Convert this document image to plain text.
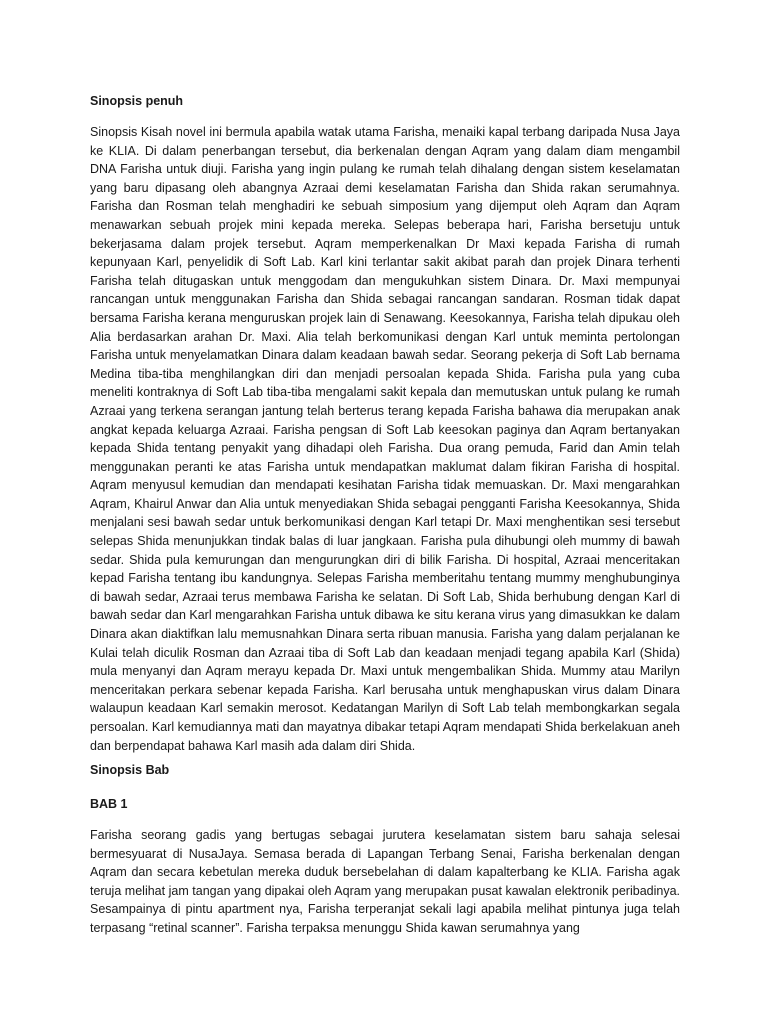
Sinopsis penuh

Sinopsis Kisah novel ini bermula apabila watak utama Farisha, menaiki kapal terbang daripada Nusa Jaya ke KLIA. Di dalam penerbangan tersebut, dia berkenalan dengan Aqram yang dalam diam mengambil DNA Farisha untuk diuji. Farisha yang ingin pulang ke rumah telah dihalang dengan sistem keselamatan yang baru dipasang oleh abangnya Azraai demi keselamatan Farisha dan Shida rakan serumahnya. Farisha dan Rosman telah menghadiri ke sebuah simposium yang dijemput oleh Aqram dan Aqram menawarkan sebuah projek mini kepada mereka. Selepas beberapa hari, Farisha bersetuju untuk bekerjasama dalam projek tersebut. Aqram memperkenalkan Dr Maxi kepada Farisha di rumah kepunyaan Karl, penyelidik di Soft Lab. Karl kini terlantar sakit akibat parah dan projek Dinara terhenti Farisha telah ditugaskan untuk menggodam dan mengukuhkan sistem Dinara. Dr. Maxi mempunyai rancangan untuk menggunakan Farisha dan Shida sebagai rancangan sandaran. Rosman tidak dapat bersama Farisha kerana menguruskan projek lain di Senawang. Keesokannya, Farisha telah dipukau oleh Alia berdasarkan arahan Dr. Maxi. Alia telah berkomunikasi dengan Karl untuk meminta pertolongan Farisha untuk menyelamatkan Dinara dalam keadaan bawah sedar. Seorang pekerja di Soft Lab bernama Medina tiba-tiba menghilangkan diri dan menjadi persoalan kepada Shida. Farisha pula yang cuba meneliti kontraknya di Soft Lab tiba-tiba mengalami sakit kepala dan memutuskan untuk pulang ke rumah Azraai yang terkena serangan jantung telah berterus terang kepada Farisha bahawa dia merupakan anak angkat kepada keluarga Azraai. Farisha pengsan di Soft Lab keesokan paginya dan Aqram bertanyakan kepada Shida tentang penyakit yang dihadapi oleh Farisha. Dua orang pemuda, Farid dan Amin telah menggunakan peranti ke atas Farisha untuk mendapatkan maklumat dalam fikiran Farisha di hospital. Aqram menyusul kemudian dan mendapati kesihatan Farisha tidak memuaskan. Dr. Maxi mengarahkan Aqram, Khairul Anwar dan Alia untuk menyediakan Shida sebagai pengganti Farisha Keesokannya, Shida menjalani sesi bawah sedar untuk berkomunikasi dengan Karl tetapi Dr. Maxi menghentikan sesi tersebut selepas Shida menunjukkan tindak balas di luar jangkaan. Farisha pula dihubungi oleh mummy di bawah sedar. Shida pula kemurungan dan mengurungkan diri di bilik Farisha. Di hospital, Azraai menceritakan kepad Farisha tentang ibu kandungnya. Selepas Farisha memberitahu tentang mummy menghubunginya di bawah sedar, Azraai terus membawa Farisha ke selatan. Di Soft Lab, Shida berhubung dengan Karl di bawah sedar dan Karl mengarahkan Farisha untuk dibawa ke situ kerana virus yang dimasukkan ke dalam Dinara akan diaktifkan lalu memusnahkan Dinara serta ribuan manusia. Farisha yang dalam perjalanan ke Kulai telah diculik Rosman dan Azraai tiba di Soft Lab dan keadaan menjadi tegang apabila Karl (Shida) mula menyanyi dan Aqram merayu kepada Dr. Maxi untuk mengembalikan Shida. Mummy atau Marilyn menceritakan perkara sebenar kepada Farisha. Karl berusaha untuk menghapuskan virus dalam Dinara walaupun keadaan Karl semakin merosot. Kedatangan Marilyn di Soft Lab telah membongkarkan segala persoalan. Karl kemudiannya mati dan mayatnya dibakar tetapi Aqram mendapati Shida berkelakuan aneh dan berpendapat bahawa Karl masih ada dalam diri Shida.

Sinopsis Bab
BAB 1

Farisha seorang gadis yang bertugas sebagai jurutera keselamatan sistem baru sahaja selesai bermesyuarat di NusaJaya. Semasa berada di Lapangan Terbang Senai, Farisha berkenalan dengan Aqram dan secara kebetulan mereka duduk bersebelahan di dalam kapalterbang ke KLIA. Farisha agak teruja melihat jam tangan yang dipakai oleh Aqram yang merupakan pusat kawalan elektronik peribadinya. Sesampainya di pintu apartment nya, Farisha terperanjat sekali lagi apabila melihat pintunya juga telah terpasang “retinal scanner”. Farisha terpaksa menunggu Shida kawan serumahnya yang
